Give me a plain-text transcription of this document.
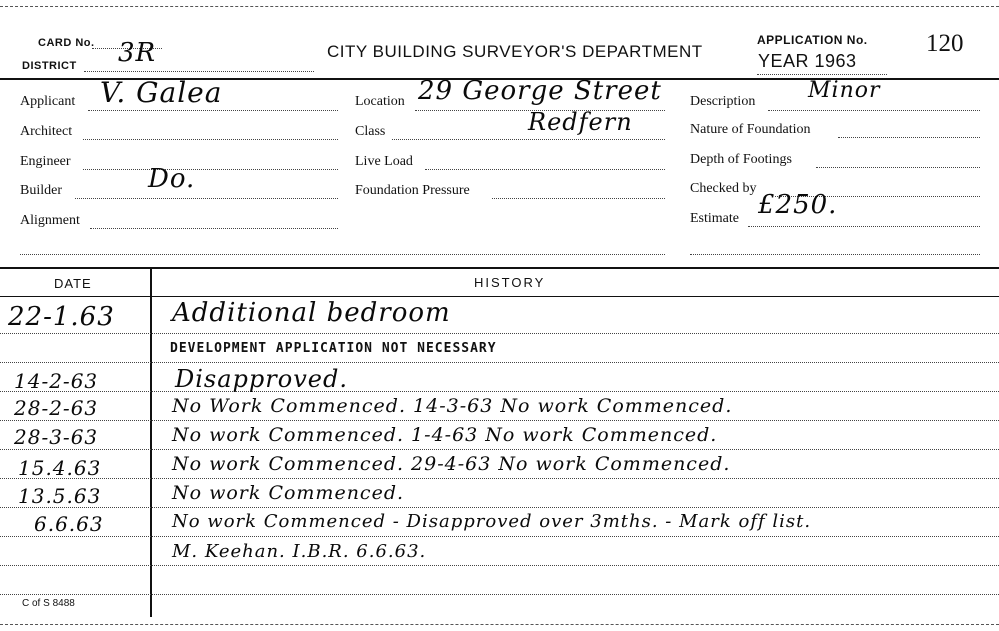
CARD No.
DISTRICT 3R	CITY BUILDING SURVEYOR'S DEPARTMENT
APPLICATION No. 120
YEAR 1963
Applicant V. Galea
Architect
Engineer
Builder	Do.
Alignment
Location 29 George Street
Redfern
Class
Live Load
Foundation Pressure
Description Minor
Nature of Foundation
Depth of Footings
Checked by
Estimate £250.
DATE	HISTORY
22-1.63 Additional bedroom
DEVELOPMENT APPLICATION NOT NECESSARY
14-2-63	Disapproved.
28-2-63	No Work Commenced. 14-3-63 No work Commenced.
28-3-63	No work Commenced. 1-4-63 No work Commenced.
15.4.63	No work Commenced. 29-4-63 No work Commenced.
13.5.63	No work Commenced.
6.6.63	No work Commenced - Disapproved over 3mths. - Mark off list.
M. Keehan. I.B.R. 6.6.63.
C of S 8488
